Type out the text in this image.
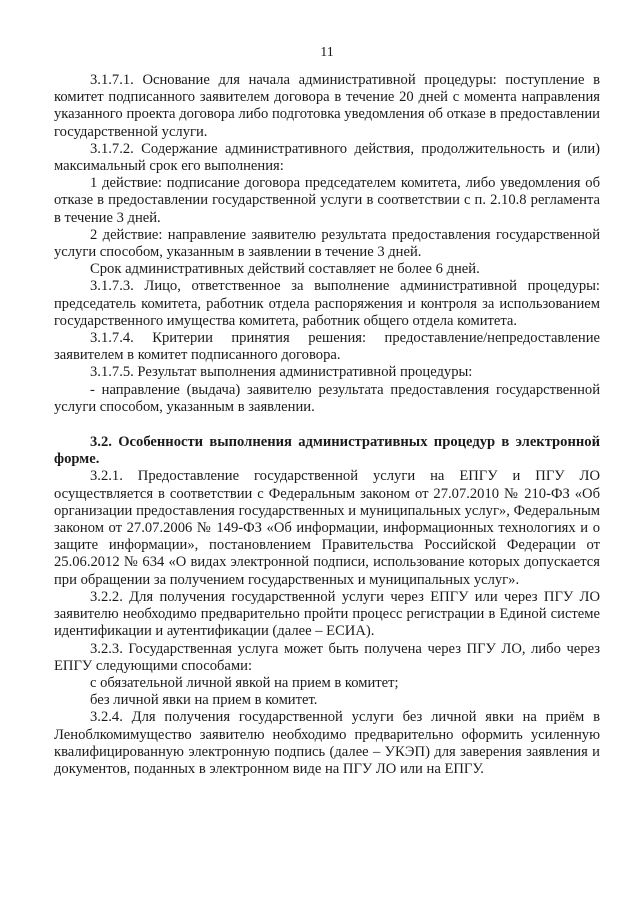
11

3.1.7.1. Основание для начала административной процедуры: поступление в комитет подписанного заявителем договора в течение 20 дней с момента направления указанного проекта договора либо подготовка уведомления об отказе в предоставлении государственной услуги.

3.1.7.2. Содержание административного действия, продолжительность и (или) максимальный срок его выполнения:

1 действие: подписание договора председателем комитета, либо уведомления об отказе в предоставлении государственной услуги в соответствии с п. 2.10.8 регламента в течение 3 дней.

2 действие: направление заявителю результата предоставления государственной услуги способом, указанным в заявлении в течение 3 дней.

Срок административных действий составляет не более 6 дней.

3.1.7.3. Лицо, ответственное за выполнение административной процедуры: председатель комитета, работник отдела распоряжения и контроля за использованием государственного имущества комитета, работник общего отдела комитета.

3.1.7.4. Критерии принятия решения: предоставление/непредоставление заявителем в комитет подписанного договора.

3.1.7.5. Результат выполнения административной процедуры:

- направление (выдача) заявителю результата предоставления государственной услуги способом, указанным в заявлении.

3.2. Особенности выполнения административных процедур в электронной форме.

3.2.1. Предоставление государственной услуги на ЕПГУ и ПГУ ЛО осуществляется в соответствии с Федеральным законом от 27.07.2010 № 210-ФЗ «Об организации предоставления государственных и муниципальных услуг», Федеральным законом от 27.07.2006 № 149-ФЗ «Об информации, информационных технологиях и о защите информации», постановлением Правительства Российской Федерации от 25.06.2012 № 634 «О видах электронной подписи, использование которых допускается при обращении за получением государственных и муниципальных услуг».

3.2.2. Для получения государственной услуги через ЕПГУ или через ПГУ ЛО заявителю необходимо предварительно пройти процесс регистрации в Единой системе идентификации и аутентификации (далее – ЕСИА).

3.2.3. Государственная услуга может быть получена через ПГУ ЛО, либо через ЕПГУ следующими способами:

с обязательной личной явкой на прием в комитет;

без личной явки на прием в комитет.

3.2.4. Для получения государственной услуги без личной явки на приём в Леноблкомимущество заявителю необходимо предварительно оформить усиленную квалифицированную электронную подпись (далее – УКЭП) для заверения заявления и документов, поданных в электронном виде на ПГУ ЛО или на ЕПГУ.
